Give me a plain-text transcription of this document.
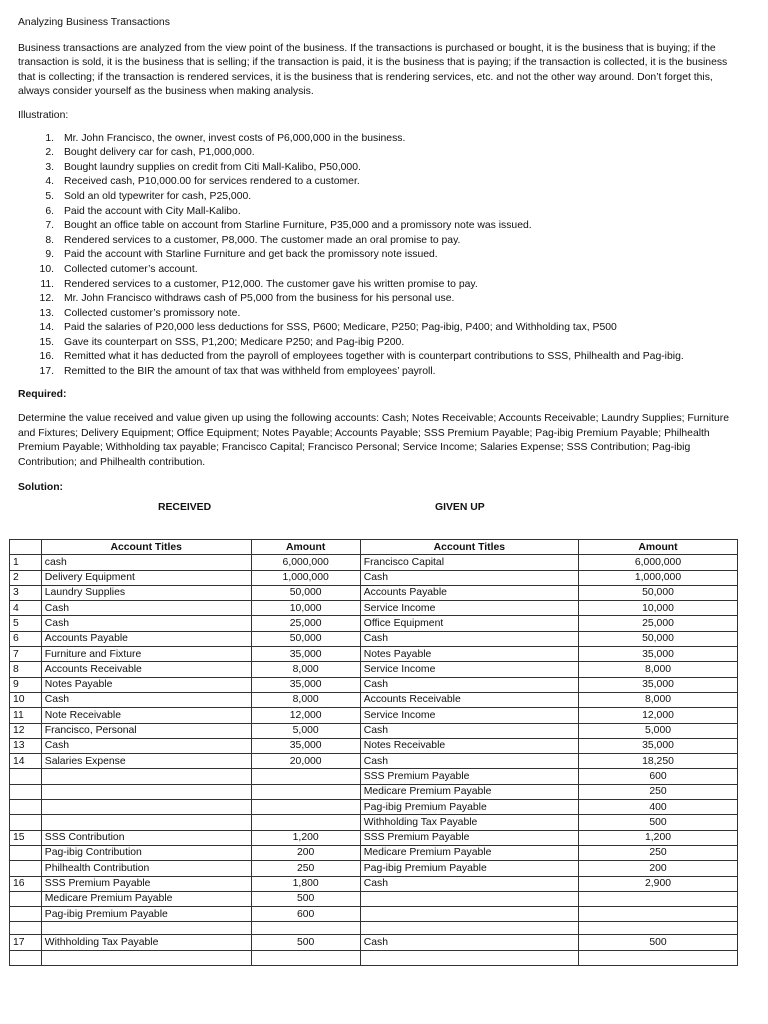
Analyzing Business Transactions
Business transactions are analyzed from the view point of the business. If the transactions is purchased or bought, it is the business that is buying; if the transaction is sold, it is the business that is selling; if the transaction is paid, it is the business that is paying; if the transaction is collected, it is the business that is collecting; if the transaction is rendered services, it is the business that is rendering services, etc. and not the other way around. Don’t forget this, always consider yourself as the business when making analysis.
Illustration:
1. Mr. John Francisco, the owner, invest costs of P6,000,000 in the business.
2. Bought delivery car for cash, P1,000,000.
3. Bought laundry supplies on credit from Citi Mall-Kalibo, P50,000.
4. Received cash, P10,000.00 for services rendered to a customer.
5. Sold an old typewriter for cash, P25,000.
6. Paid the account with City Mall-Kalibo.
7. Bought an office table on account from Starline Furniture, P35,000 and a promissory note was issued.
8. Rendered services to a customer, P8,000. The customer made an oral promise to pay.
9. Paid the account with Starline Furniture and get back the promissory note issued.
10. Collected cutomer’s account.
11. Rendered services to a customer, P12,000. The customer gave his written promise to pay.
12. Mr. John Francisco withdraws cash of P5,000 from the business for his personal use.
13. Collected customer’s promissory note.
14. Paid the salaries of P20,000 less deductions for SSS, P600; Medicare, P250; Pag-ibig, P400; and Withholding tax, P500
15. Gave its counterpart on SSS, P1,200; Medicare P250; and Pag-ibig P200.
16. Remitted what it has deducted from the payroll of employees together with is counterpart contributions to SSS, Philhealth and Pag-ibig.
17. Remitted to the BIR the amount of tax that was withheld from employees’ payroll.
Required:
Determine the value received and value given up using the following accounts: Cash; Notes Receivable; Accounts Receivable; Laundry Supplies; Furniture and Fixtures; Delivery Equipment; Office Equipment; Notes Payable; Accounts Payable; SSS Premium Payable; Pag-ibig Premium Payable; Philhealth Premium Payable; Withholding tax payable; Francisco Capital; Francisco Personal; Service Income; Salaries Expense; SSS Contribution; Pag-ibig Contribution; and Philhealth contribution.
Solution:
RECEIVED	GIVEN UP
	Account Titles	Amount	Account Titles	Amount
1	cash	6,000,000	Francisco Capital	6,000,000
2	Delivery Equipment	1,000,000	Cash	1,000,000
3	Laundry Supplies	50,000	Accounts Payable	50,000
4	Cash	10,000	Service Income	10,000
5	Cash	25,000	Office Equipment	25,000
6	Accounts Payable	50,000	Cash	50,000
7	Furniture and Fixture	35,000	Notes Payable	35,000
8	Accounts Receivable	8,000	Service Income	8,000
9	Notes Payable	35,000	Cash	35,000
10	Cash	8,000	Accounts Receivable	8,000
11	Note Receivable	12,000	Service Income	12,000
12	Francisco, Personal	5,000	Cash	5,000
13	Cash	35,000	Notes Receivable	35,000
14	Salaries Expense	20,000	Cash	18,250
			SSS Premium Payable	600
			Medicare Premium Payable	250
			Pag-ibig Premium Payable	400
			Withholding Tax Payable	500
15	SSS Contribution	1,200	SSS Premium Payable	1,200
	Pag-ibig Contribution	200	Medicare Premium Payable	250
	Philhealth Contribution	250	Pag-ibig Premium Payable	200
16	SSS Premium Payable	1,800	Cash	2,900
	Medicare Premium Payable	500		
	Pag-ibig Premium Payable	600		

17	Withholding Tax Payable	500	Cash	500
